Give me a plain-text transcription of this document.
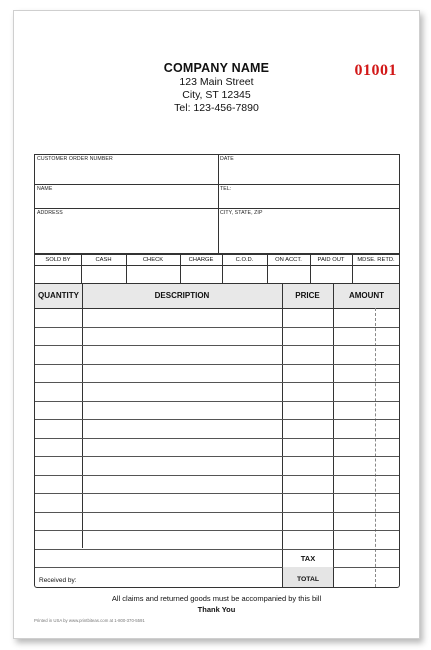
COMPANY NAME
123 Main Street
City, ST 12345
Tel: 123-456-7890
01001
CUSTOMER ORDER NUMBER	DATE
NAME	TEL:
ADDRESS	CITY, STATE, ZIP
SOLD BY	CASH	CHECK	CHARGE	C.O.D.	ON ACCT.	PAID OUT	MDSE. RETD.
QUANTITY	DESCRIPTION	PRICE	AMOUNT
TAX
TOTAL
Received by:
All claims and returned goods must be accompanied by this bill
Thank You
Printed in USA by www.printbiteas.com at 1-800-370-5591
